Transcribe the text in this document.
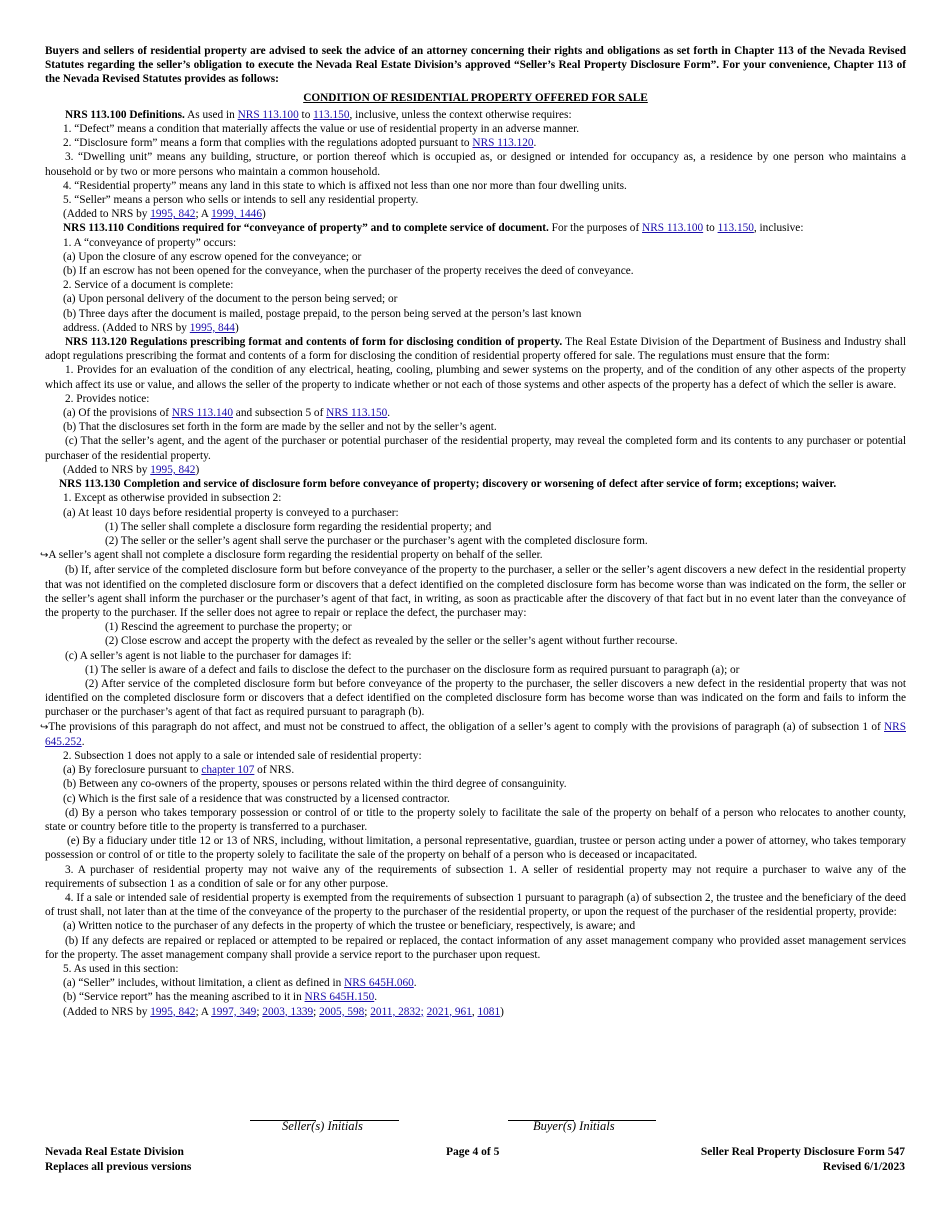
Buyers and sellers of residential property are advised to seek the advice of an attorney concerning their rights and obligations as set forth in Chapter 113 of the Nevada Revised Statutes regarding the seller’s obligation to execute the Nevada Real Estate Division’s approved “Seller’s Real Property Disclosure Form”. For your convenience, Chapter 113 of the Nevada Revised Statutes provides as follows:

CONDITION OF RESIDENTIAL PROPERTY OFFERED FOR SALE

NRS 113.100 Definitions. As used in NRS 113.100 to 113.150, inclusive, unless the context otherwise requires:

1. “Defect” means a condition that materially affects the value or use of residential property in an adverse manner.

2. “Disclosure form” means a form that complies with the regulations adopted pursuant to NRS 113.120.

3. “Dwelling unit” means any building, structure, or portion thereof which is occupied as, or designed or intended for occupancy as, a residence by one person who maintains a household or by two or more persons who maintain a common household.

4. “Residential property” means any land in this state to which is affixed not less than one nor more than four dwelling units.

5. “Seller” means a person who sells or intends to sell any residential property.

(Added to NRS by 1995, 842; A 1999, 1446)

NRS 113.110 Conditions required for “conveyance of property” and to complete service of document. For the purposes of NRS 113.100 to 113.150, inclusive:

1. A “conveyance of property” occurs:

(a) Upon the closure of any escrow opened for the conveyance; or

(b) If an escrow has not been opened for the conveyance, when the purchaser of the property receives the deed of conveyance.

2. Service of a document is complete:

(a) Upon personal delivery of the document to the person being served; or

(b) Three days after the document is mailed, postage prepaid, to the person being served at the person’s last known

address. (Added to NRS by 1995, 844)

NRS 113.120 Regulations prescribing format and contents of form for disclosing condition of property. The Real Estate Division of the Department of Business and Industry shall adopt regulations prescribing the format and contents of a form for disclosing the condition of residential property offered for sale. The regulations must ensure that the form:

1. Provides for an evaluation of the condition of any electrical, heating, cooling, plumbing and sewer systems on the property, and of the condition of any other aspects of the property which affect its use or value, and allows the seller of the property to indicate whether or not each of those systems and other aspects of the property has a defect of which the seller is aware.

2. Provides notice:

(a) Of the provisions of NRS 113.140 and subsection 5 of NRS 113.150.

(b) That the disclosures set forth in the form are made by the seller and not by the seller’s agent.

(c) That the seller’s agent, and the agent of the purchaser or potential purchaser of the residential property, may reveal the completed form and its contents to any purchaser or potential purchaser of the residential property.

(Added to NRS by 1995, 842)

NRS 113.130 Completion and service of disclosure form before conveyance of property; discovery or worsening of defect after service of form; exceptions; waiver.

1. Except as otherwise provided in subsection 2:

(a) At least 10 days before residential property is conveyed to a purchaser:

(1) The seller shall complete a disclosure form regarding the residential property; and

(2) The seller or the seller’s agent shall serve the purchaser or the purchaser’s agent with the completed disclosure form.

↪A seller’s agent shall not complete a disclosure form regarding the residential property on behalf of the seller.

(b) If, after service of the completed disclosure form but before conveyance of the property to the purchaser, a seller or the seller’s agent discovers a new defect in the residential property that was not identified on the completed disclosure form or discovers that a defect identified on the completed disclosure form has become worse than was indicated on the form, the seller or the seller’s agent shall inform the purchaser or the purchaser’s agent of that fact, in writing, as soon as practicable after the discovery of that fact but in no event later than the conveyance of the property to the purchaser. If the seller does not agree to repair or replace the defect, the purchaser may:

(1) Rescind the agreement to purchase the property; or

(2) Close escrow and accept the property with the defect as revealed by the seller or the seller’s agent without further recourse.

(c) A seller’s agent is not liable to the purchaser for damages if:

(1) The seller is aware of a defect and fails to disclose the defect to the purchaser on the disclosure form as required pursuant to paragraph (a); or

(2) After service of the completed disclosure form but before conveyance of the property to the purchaser, the seller discovers a new defect in the residential property that was not identified on the completed disclosure form or discovers that a defect identified on the completed disclosure form has become worse than was indicated on the form and fails to inform the purchaser or the purchaser’s agent of that fact as required pursuant to paragraph (b).

↪The provisions of this paragraph do not affect, and must not be construed to affect, the obligation of a seller’s agent to comply with the provisions of paragraph (a) of subsection 1 of NRS 645.252.

2. Subsection 1 does not apply to a sale or intended sale of residential property:

(a) By foreclosure pursuant to chapter 107 of NRS.

(b) Between any co-owners of the property, spouses or persons related within the third degree of consanguinity.

(c) Which is the first sale of a residence that was constructed by a licensed contractor.

(d) By a person who takes temporary possession or control of or title to the property solely to facilitate the sale of the property on behalf of a person who relocates to another county, state or country before title to the property is transferred to a purchaser.

(e) By a fiduciary under title 12 or 13 of NRS, including, without limitation, a personal representative, guardian, trustee or person acting under a power of attorney, who takes temporary possession or control of or title to the property solely to facilitate the sale of the property on behalf of a person who is deceased or incapacitated.

3. A purchaser of residential property may not waive any of the requirements of subsection 1. A seller of residential property may not require a purchaser to waive any of the requirements of subsection 1 as a condition of sale or for any other purpose.

4. If a sale or intended sale of residential property is exempted from the requirements of subsection 1 pursuant to paragraph (a) of subsection 2, the trustee and the beneficiary of the deed of trust shall, not later than at the time of the conveyance of the property to the purchaser of the residential property, or upon the request of the purchaser of the residential property, provide:

(a) Written notice to the purchaser of any defects in the property of which the trustee or beneficiary, respectively, is aware; and

(b) If any defects are repaired or replaced or attempted to be repaired or replaced, the contact information of any asset management company who provided asset management services for the property. The asset management company shall provide a service report to the purchaser upon request.

5. As used in this section:

(a) “Seller” includes, without limitation, a client as defined in NRS 645H.060.

(b) “Service report” has the meaning ascribed to it in NRS 645H.150.

(Added to NRS by 1995, 842; A 1997, 349; 2003, 1339; 2005, 598; 2011, 2832; 2021, 961, 1081)

Seller(s) Initials	Buyer(s) Initials
Nevada Real Estate Division
Replaces all previous versions
Page 4 of 5	Seller Real Property Disclosure Form 547
Revised 6/1/2023
